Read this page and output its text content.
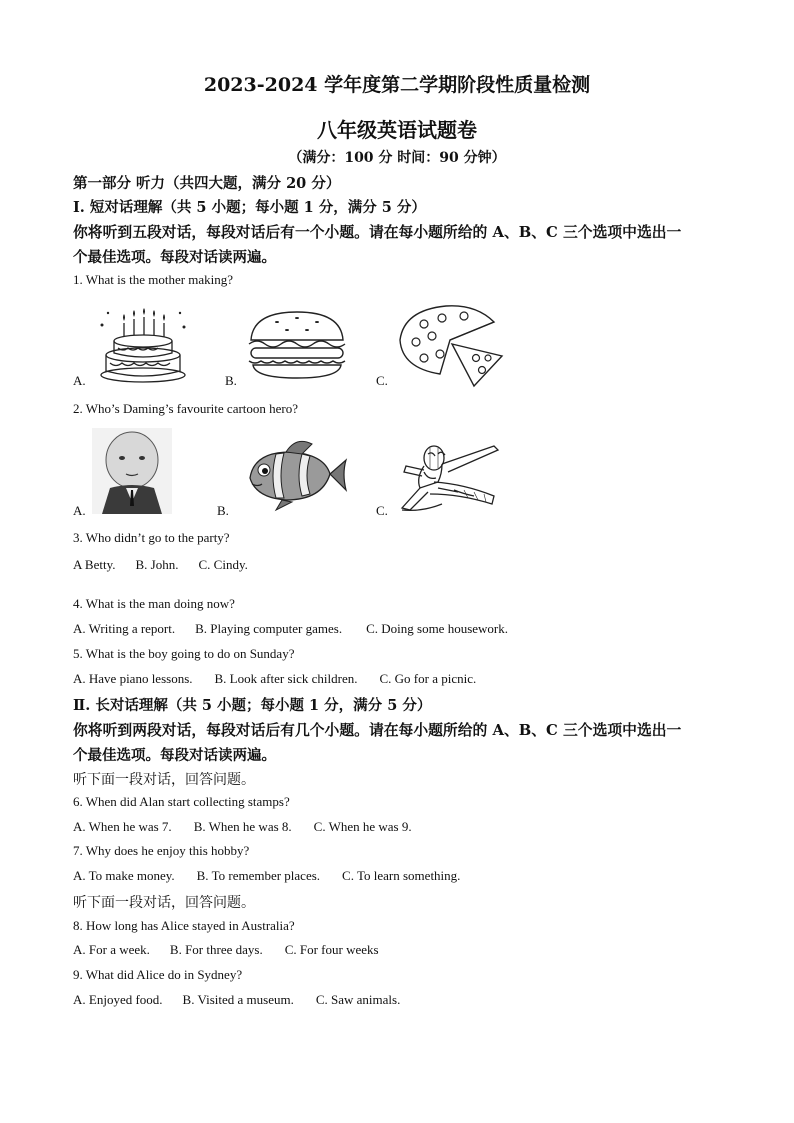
2023-2024 学年度第二学期阶段性质量检测
八年级英语试题卷
（满分：100 分 时间：90 分钟）
第一部分 听力（共四大题，满分 20 分）
Ⅰ. 短对话理解（共 5 小题；每小题 1 分，满分 5 分）
你将听到五段对话，每段对话后有一个小题。请在每小题所给的 A、B、C 三个选项中选出一
个最佳选项。每段对话读两遍。
1. What is the mother making?
A.	B.	C.
2. Who’s Daming’s favourite cartoon hero?
A.	B.	C.
3. Who didn’t go to the party?
A Betty. B. John. C. Cindy.
4. What is the man doing now?
A. Writing a report. B. Playing computer games. C. Doing some housework.
5. What is the boy going to do on Sunday?
A. Have piano lessons. B. Look after sick children. C. Go for a picnic.
Ⅱ. 长对话理解（共 5 小题；每小题 1 分，满分 5 分）
你将听到两段对话，每段对话后有几个小题。请在每小题所给的 A、B、C 三个选项中选出一
个最佳选项。每段对话读两遍。
听下面一段对话，回答问题。
6. When did Alan start collecting stamps?
A. When he was 7. B. When he was 8. C. When he was 9.
7. Why does he enjoy this hobby?
A. To make money. B. To remember places. C. To learn something.
听下面一段对话，回答问题。
8. How long has Alice stayed in Australia?
A. For a week. B. For three days. C. For four weeks
9. What did Alice do in Sydney?
A. Enjoyed food. B. Visited a museum. C. Saw animals.
